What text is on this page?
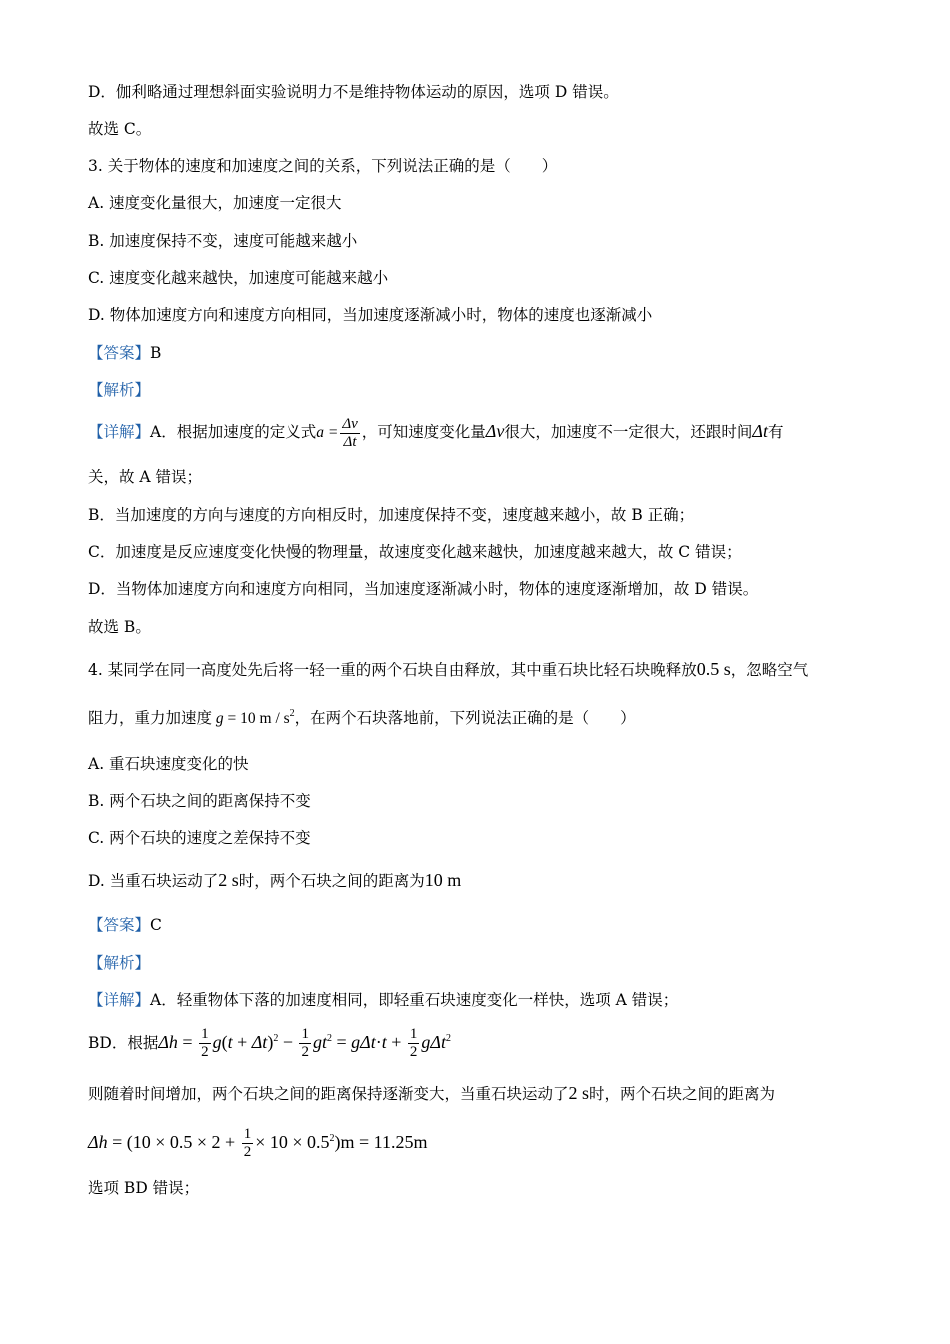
D．伽利略通过理想斜面实验说明力不是维持物体运动的原因，选项 D 错误。
故选 C。
3. 关于物体的速度和加速度之间的关系，下列说法正确的是（　　）
A. 速度变化量很大，加速度一定很大
B. 加速度保持不变，速度可能越来越小
C. 速度变化越来越快，加速度可能越来越小
D. 物体加速度方向和速度方向相同，当加速度逐渐减小时，物体的速度也逐渐减小
【答案】B
【解析】
【详解】A．根据加速度的定义式$a = \frac{\Delta v}{\Delta t}$ ，可知速度变化量Δv很大，加速度不一定很大，还跟时间Δt有
关，故 A 错误；
B．当加速度的方向与速度的方向相反时，加速度保持不变，速度越来越小，故 B 正确；
C．加速度是反应速度变化快慢的物理量，故速度变化越来越快，加速度越来越大，故 C 错误；
D．当物体加速度方向和速度方向相同，当加速度逐渐减小时，物体的速度逐渐增加，故 D 错误。
故选 B。
4. 某同学在同一高度处先后将一轻一重的两个石块自由释放，其中重石块比轻石块晚释放0.5 s，忽略空气
阻力，重力加速度 g = 10 m / $s^2$，在两个石块落地前，下列说法正确的是（　　）
A. 重石块速度变化的快
B. 两个石块之间的距离保持不变
C. 两个石块的速度之差保持不变
D. 当重石块运动了2 s时，两个石块之间的距离为10 m
【答案】C
【解析】
【详解】A．轻重物体下落的加速度相同，即轻重石块速度变化一样快，选项 A 错误；
BD．根据$\Delta h = \frac{1}{2} g(t + \Delta t)^2 - \frac{1}{2} gt^2 = g\Delta t\cdot t + \frac{1}{2} g\Delta t^2$
则随着时间增加，两个石块之间的距离保持逐渐变大，当重石块运动了2 s时，两个石块之间的距离为
$\Delta h = (10 \times 0.5 \times 2 + \frac{1}{2} \times 10 \times 0.5^2)m = 11.25m$
选项 BD 错误；
